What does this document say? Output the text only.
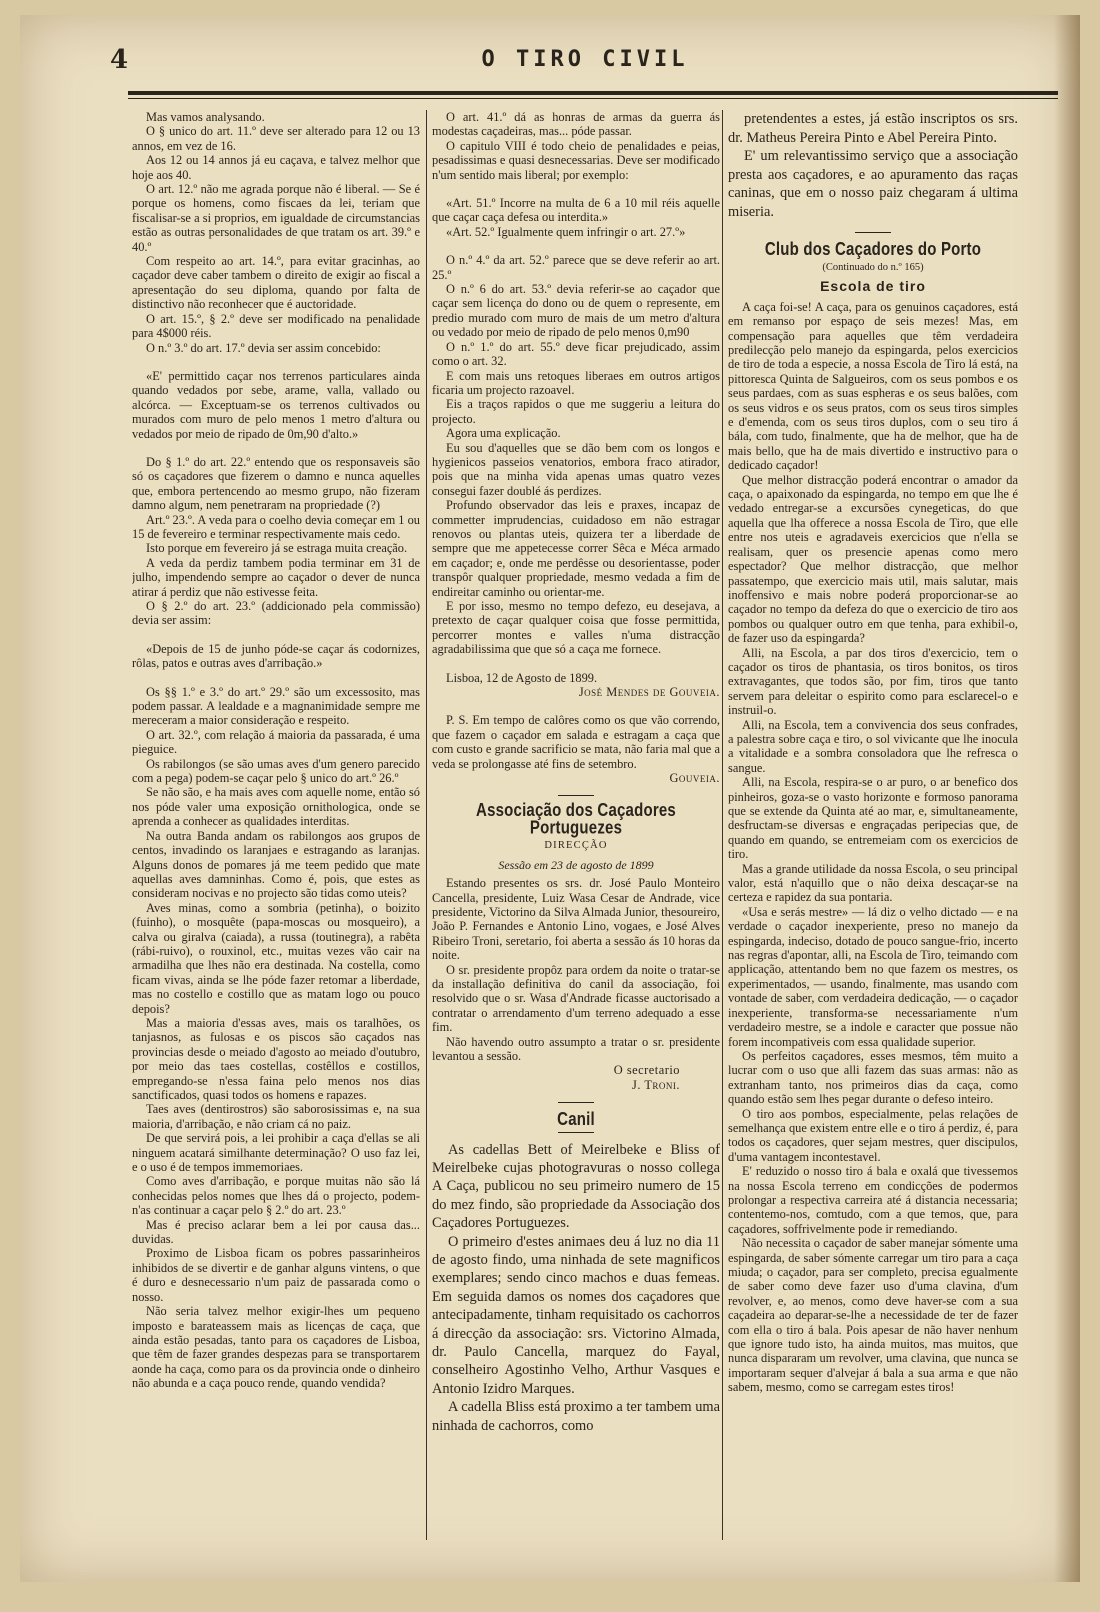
4	O TIRO CIVIL

Mas vamos analysando.

O § unico do art. 11.º deve ser alterado para 12 ou 13 annos, em vez de 16.

Aos 12 ou 14 annos já eu caçava, e talvez melhor que hoje aos 40.

O art. 12.º não me agrada porque não é liberal. — Se é porque os homens, como fiscaes da lei, teriam que fiscalisar-se a si proprios, em igualdade de circumstancias estão as outras personalidades de que tratam os art. 39.º e 40.º

Com respeito ao art. 14.º, para evitar gracinhas, ao caçador deve caber tambem o direito de exigir ao fiscal a apresentação do seu diploma, quando por falta de distinctivo não reconhecer que é auctoridade.

O art. 15.º, § 2.º deve ser modificado na penalidade para 4$000 réis.

O n.º 3.º do art. 17.º devia ser assim concebido:

«E' permittido caçar nos terrenos particulares ainda quando vedados por sebe, arame, valla, vallado ou alcórca. — Exceptuam-se os terrenos cultivados ou murados com muro de pelo menos 1 metro d'altura ou vedados por meio de ripado de 0m,90 d'alto.»

Do § 1.º do art. 22.º entendo que os responsaveis são só os caçadores que fizerem o damno e nunca aquelles que, embora pertencendo ao mesmo grupo, não fizeram damno algum, nem penetraram na propriedade (?)

Art.º 23.º. A veda para o coelho devia começar em 1 ou 15 de fevereiro e terminar respectivamente mais cedo.

Isto porque em fevereiro já se estraga muita creação.

A veda da perdiz tambem podia terminar em 31 de julho, impendendo sempre ao caçador o dever de nunca atirar á perdiz que não estivesse feita.

O § 2.º do art. 23.º (addicionado pela commissão) devia ser assim:

«Depois de 15 de junho póde-se caçar ás codornizes, rôlas, patos e outras aves d'arribação.»

Os §§ 1.º e 3.º do art.º 29.º são um excessosito, mas podem passar. A lealdade e a magnanimidade sempre me mereceram a maior consideração e respeito.

O art. 32.º, com relação á maioria da passarada, é uma pieguice.

Os rabilongos (se são umas aves d'um genero parecido com a pega) podem-se caçar pelo § unico do art.º 26.º

Se não são, e ha mais aves com aquelle nome, então só nos póde valer uma exposição ornithologica, onde se aprenda a conhecer as qualidades interditas.

Na outra Banda andam os rabilongos aos grupos de centos, invadindo os laranjaes e estragando as laranjas. Alguns donos de pomares já me teem pedido que mate aquellas aves damninhas. Como é, pois, que estes as consideram nocivas e no projecto são tidas como uteis?

Aves minas, como a sombria (petinha), o boizito (fuinho), o mosquête (papa-moscas ou mosqueiro), a calva ou giralva (caiada), a russa (toutinegra), a rabêta (rábi-ruivo), o rouxinol, etc., muitas vezes vão cair na armadilha que lhes não era destinada. Na costella, como ficam vivas, ainda se lhe póde fazer retomar a liberdade, mas no costello e costillo que as matam logo ou pouco depois?

Mas a maioria d'essas aves, mais os taralhões, os tanjasnos, as fulosas e os piscos são caçados nas provincias desde o meiado d'agosto ao meiado d'outubro, por meio das taes costellas, costêllos e costillos, empregando-se n'essa faina pelo menos nos dias sanctificados, quasi todos os homens e rapazes.

Taes aves (dentirostros) são saborosissimas e, na sua maioria, d'arribação, e não criam cá no paiz.

De que servirá pois, a lei prohibir a caça d'ellas se ali ninguem acatará similhante determinação? O uso faz lei, e o uso é de tempos immemoriaes.

Como aves d'arribação, e porque muitas não são lá conhecidas pelos nomes que lhes dá o projecto, podem-n'as continuar a caçar pelo § 2.º do art. 23.º

Mas é preciso aclarar bem a lei por causa das... duvidas.

Proximo de Lisboa ficam os pobres passarinheiros inhibidos de se divertir e de ganhar alguns vintens, o que é duro e desnecessario n'um paiz de passarada como o nosso.

Não seria talvez melhor exigir-lhes um pequeno imposto e barateassem mais as licenças de caça, que ainda estão pesadas, tanto para os caçadores de Lisboa, que têm de fazer grandes despezas para se transportarem aonde ha caça, como para os da provincia onde o dinheiro não abunda e a caça pouco rende, quando vendida?

O art. 41.º dá as honras de armas da guerra ás modestas caçadeiras, mas... póde passar.

O capitulo VIII é todo cheio de penalidades e peias, pesadissimas e quasi desnecessarias. Deve ser modificado n'um sentido mais liberal; por exemplo:

«Art. 51.º Incorre na multa de 6 a 10 mil réis aquelle que caçar caça defesa ou interdita.»

«Art. 52.º Igualmente quem infringir o art. 27.º»

O n.º 4.º da art. 52.º parece que se deve referir ao art. 25.º

O n.º 6 do art. 53.º devia referir-se ao caçador que caçar sem licença do dono ou de quem o represente, em predio murado com muro de mais de um metro d'altura ou vedado por meio de ripado de pelo menos 0,m90

O n.º 1.º do art. 55.º deve ficar prejudicado, assim como o art. 32.

E com mais uns retoques liberaes em outros artigos ficaria um projecto razoavel.

Eis a traços rapidos o que me suggeriu a leitura do projecto.

Agora uma explicação.

Eu sou d'aquelles que se dão bem com os longos e hygienicos passeios venatorios, embora fraco atirador, pois que na minha vida apenas umas quatro vezes consegui fazer doublé ás perdizes.

Profundo observador das leis e praxes, incapaz de commetter imprudencias, cuidadoso em não estragar renovos ou plantas uteis, quizera ter a liberdade de sempre que me appetecesse correr Sêca e Méca armado em caçador; e, onde me perdêsse ou desorientasse, poder transpôr qualquer propriedade, mesmo vedada a fim de endireitar caminho ou orientar-me.

E por isso, mesmo no tempo defezo, eu desejava, a pretexto de caçar qualquer coisa que fosse permittida, percorrer montes e valles n'uma distracção agradabilissima que que só a caça me fornece.

Lisboa, 12 de Agosto de 1899.

José Mendes de Gouveia.

P. S. Em tempo de calôres como os que vão correndo, que fazem o caçador em salada e estragam a caça que com custo e grande sacrificio se mata, não faria mal que a veda se prolongasse até fins de setembro.

Gouveia.

Associação dos Caçadores Portuguezes
DIRECÇÃO
Sessão em 23 de agosto de 1899

Estando presentes os srs. dr. José Paulo Monteiro Cancella, presidente, Luiz Wasa Cesar de Andrade, vice presidente, Victorino da Silva Almada Junior, thesoureiro, João P. Fernandes e Antonio Lino, vogaes, e José Alves Ribeiro Troni, seretario, foi aberta a sessão ás 10 horas da noite.

O sr. presidente propôz para ordem da noite o tratar-se da installação definitiva do canil da associação, foi resolvido que o sr. Wasa d'Andrade ficasse auctorisado a contratar o arrendamento d'um terreno adequado a esse fim.

Não havendo outro assumpto a tratar o sr. presidente levantou a sessão.

O secretario

J. Troni.

Canil

As cadellas Bett of Meirelbeke e Bliss of Meirelbeke cujas photogravuras o nosso collega A Caça, publicou no seu primeiro numero de 15 do mez findo, são propriedade da Associação dos Caçadores Portuguezes.

O primeiro d'estes animaes deu á luz no dia 11 de agosto findo, uma ninhada de sete magnificos exemplares; sendo cinco machos e duas femeas. Em seguida damos os nomes dos caçadores que antecipadamente, tinham requisitado os cachorros á direcção da associação: srs. Victorino Almada, dr. Paulo Cancella, marquez do Fayal, conselheiro Agostinho Velho, Arthur Vasques e Antonio Izidro Marques.

A cadella Bliss está proximo a ter tambem uma ninhada de cachorros, como

pretendentes a estes, já estão inscriptos os srs. dr. Matheus Pereira Pinto e Abel Pereira Pinto.

E' um relevantissimo serviço que a associação presta aos caçadores, e ao apuramento das raças caninas, que em o nosso paiz chegaram á ultima miseria.

Club dos Caçadores do Porto
(Continuado do n.º 165)
Escola de tiro

A caça foi-se! A caça, para os genuinos caçadores, está em remanso por espaço de seis mezes! Mas, em compensação para aquelles que têm verdadeira predilecção pelo manejo da espingarda, pelos exercicios de tiro de toda a especie, a nossa Escola de Tiro lá está, na pittoresca Quinta de Salgueiros, com os seus pombos e os seus pardaes, com as suas espheras e os seus balões, com os seus vidros e os seus pratos, com os seus tiros simples e d'emenda, com os seus tiros duplos, com o seu tiro á bála, com tudo, finalmente, que ha de melhor, que ha de mais bello, que ha de mais divertido e instructivo para o dedicado caçador!

Que melhor distracção poderá encontrar o amador da caça, o apaixonado da espingarda, no tempo em que lhe é vedado entregar-se a excursões cynegeticas, do que aquella que lha offerece a nossa Escola de Tiro, que elle entre nos uteis e agradaveis exercicios que n'ella se realisam, quer os presencie apenas como mero espectador? Que melhor distracção, que melhor passatempo, que exercicio mais util, mais salutar, mais inoffensivo e mais nobre poderá proporcionar-se ao caçador no tempo da defeza do que o exercicio de tiro aos pombos ou qualquer outro em que tenha, para exhibil-o, de fazer uso da espingarda?

Alli, na Escola, a par dos tiros d'exercicio, tem o caçador os tiros de phantasia, os tiros bonitos, os tiros extravagantes, que todos são, por fim, tiros que tanto servem para deleitar o espirito como para esclarecel-o e instruil-o.

Alli, na Escola, tem a convivencia dos seus confrades, a palestra sobre caça e tiro, o sol vivicante que lhe inocula a vitalidade e a sombra consoladora que lhe refresca o sangue.

Alli, na Escola, respira-se o ar puro, o ar benefico dos pinheiros, goza-se o vasto horizonte e formoso panorama que se extende da Quinta até ao mar, e, simultaneamente, desfructam-se diversas e engraçadas peripecias que, de quando em quando, se entremeiam com os exercicios de tiro.

Mas a grande utilidade da nossa Escola, o seu principal valor, está n'aquillo que o não deixa descaçar-se na certeza e rapidez da sua pontaria.

«Usa e serás mestre» — lá diz o velho dictado — e na verdade o caçador inexperiente, preso no manejo da espingarda, indeciso, dotado de pouco sangue-frio, incerto nas regras d'apontar, alli, na Escola de Tiro, teimando com applicação, attentando bem no que fazem os mestres, os experimentados, — usando, finalmente, mas usando com vontade de saber, com verdadeira dedicação, — o caçador inexperiente, transforma-se necessariamente n'um verdadeiro mestre, se a indole e caracter que possue não forem incompativeis com essa qualidade superior.

Os perfeitos caçadores, esses mesmos, têm muito a lucrar com o uso que alli fazem das suas armas: não as extranham tanto, nos primeiros dias da caça, como quando estão sem lhes pegar durante o defeso inteiro.

O tiro aos pombos, especialmente, pelas relações de semelhança que existem entre elle e o tiro á perdiz, é, para todos os caçadores, quer sejam mestres, quer discipulos, d'uma vantagem incontestavel.

E' reduzido o nosso tiro á bala e oxalá que tivessemos na nossa Escola terreno em condicções de podermos prolongar a respectiva carreira até á distancia necessaria; contentemo-nos, comtudo, com a que temos, que, para caçadores, soffrivelmente pode ir remediando.

Não necessita o caçador de saber manejar sómente uma espingarda, de saber sómente carregar um tiro para a caça miuda; o caçador, para ser completo, precisa egualmente de saber como deve fazer uso d'uma clavina, d'um revolver, e, ao menos, como deve haver-se com a sua caçadeira ao deparar-se-lhe a necessidade de ter de fazer com ella o tiro á bala. Pois apesar de não haver nenhum que ignore tudo isto, ha ainda muitos, mas muitos, que nunca dispararam um revolver, uma clavina, que nunca se importaram sequer d'alvejar á bala a sua arma e que não sabem, mesmo, como se carregam estes tiros!
